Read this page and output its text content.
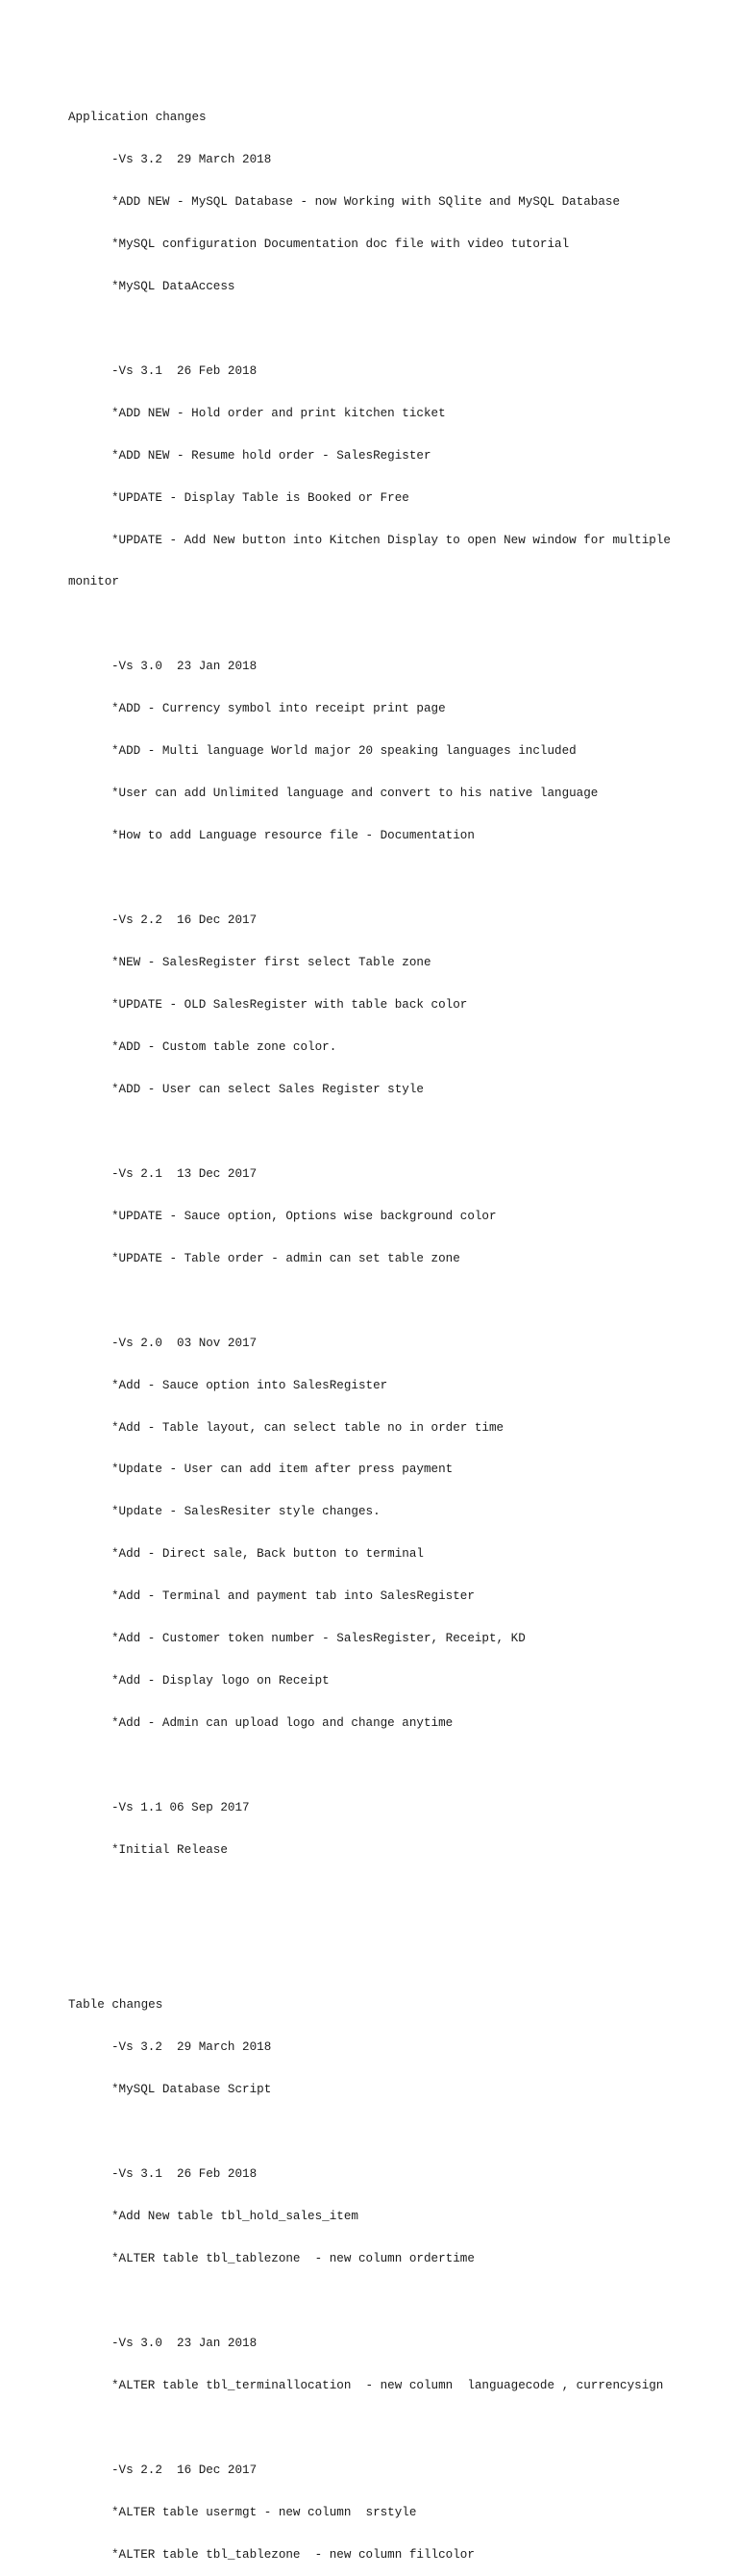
Application changes

-Vs 3.2  29 March 2018

*ADD NEW - MySQL Database - now Working with SQlite and MySQL Database

*MySQL configuration Documentation doc file with video tutorial

*MySQL DataAccess

-Vs 3.1  26 Feb 2018

*ADD NEW - Hold order and print kitchen ticket

*ADD NEW - Resume hold order - SalesRegister

*UPDATE - Display Table is Booked or Free

*UPDATE - Add New button into Kitchen Display to open New window for multiple

monitor

-Vs 3.0  23 Jan 2018

*ADD - Currency symbol into receipt print page

*ADD - Multi language World major 20 speaking languages included

*User can add Unlimited language and convert to his native language

*How to add Language resource file - Documentation

-Vs 2.2  16 Dec 2017

*NEW - SalesRegister first select Table zone

*UPDATE - OLD SalesRegister with table back color

*ADD - Custom table zone color.

*ADD - User can select Sales Register style

-Vs 2.1  13 Dec 2017

*UPDATE - Sauce option, Options wise background color

*UPDATE - Table order - admin can set table zone

-Vs 2.0  03 Nov 2017

*Add - Sauce option into SalesRegister

*Add - Table layout, can select table no in order time

*Update - User can add item after press payment

*Update - SalesResiter style changes.

*Add - Direct sale, Back button to terminal

*Add - Terminal and payment tab into SalesRegister

*Add - Customer token number - SalesRegister, Receipt, KD

*Add - Display logo on Receipt

*Add - Admin can upload logo and change anytime

-Vs 1.1 06 Sep 2017

*Initial Release

Table changes

-Vs 3.2  29 March 2018

*MySQL Database Script

-Vs 3.1  26 Feb 2018

*Add New table tbl_hold_sales_item

*ALTER table tbl_tablezone  - new column ordertime

-Vs 3.0  23 Jan 2018

*ALTER table tbl_terminallocation  - new column  languagecode , currencysign

-Vs 2.2  16 Dec 2017

*ALTER table usermgt - new column  srstyle

*ALTER table tbl_tablezone  - new column fillcolor
